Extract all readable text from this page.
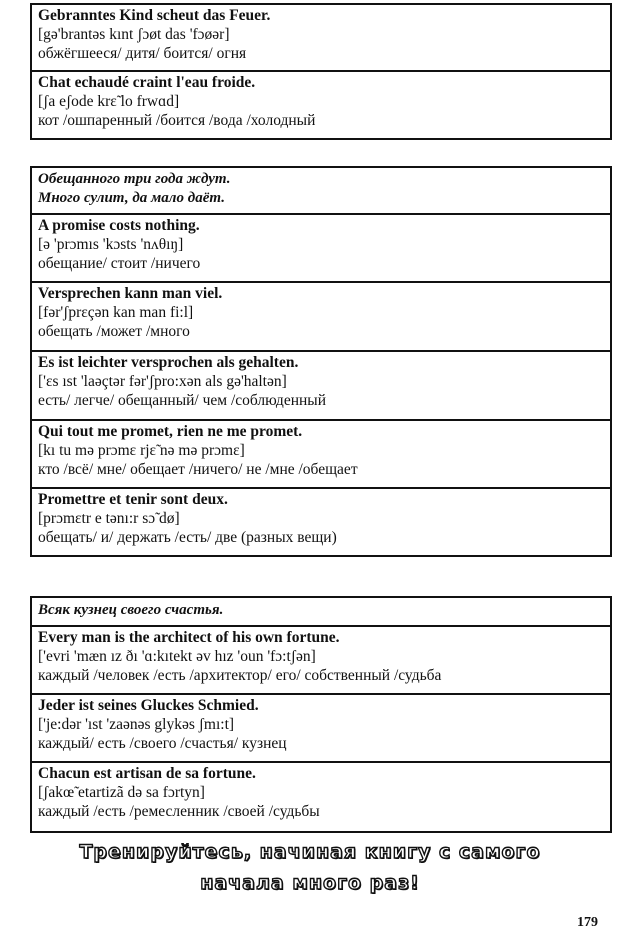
Gebranntes Kind scheut das Feuer.
[gə'brantəs kınt ʃɔøt das 'fɔøər]
обжёгшееся/ дитя/ боится/ огня
Chat echaudé craint l'eau froide.
[ʃa eʃode krɛ̃ lo frwɑd]
кот /ошпаренный /боится /вода /холодный
Обещанного три года ждут.
Много сулит, да мало даёт.
A promise costs nothing.
[ə 'prɔmıs 'kɔsts 'nʌθıŋ]
обещание/ стоит /ничего
Versprechen kann man viel.
[fər'ʃprɛçən kan man fi:l]
обещать /может /много
Es ist leichter versprochen als gehalten.
['ɛs ıst 'laəçtər fər'ʃpro:xən als gə'haltən]
есть/ легче/ обещанный/ чем /соблюденный
Qui tout me promet, rien ne me promet.
[kı tu mə prɔmɛ rjɛ̃ nə mə prɔmɛ]
кто /всё/ мне/ обещает /ничего/ не /мне /обещает
Promettre et tenir sont deux.
[prɔmɛtr e tənı:r sɔ̃ dø]
обещать/ и/ держать /есть/ две (разных вещи)
Всяк кузнец своего счастья.
Every man is the architect of his own fortune.
['evri 'mæn ız ðı 'ɑ:kıtekt əv hız 'oun 'fɔ:tʃən]
каждый /человек /есть /архитектор/ его/ собственный /судьба
Jeder ist seines Gluckes Schmied.
['je:dər 'ıst 'zaənəs glykəs ʃmı:t]
каждый/ есть /своего /счастья/ кузнец
Chacun est artisan de sa fortune.
[ʃakœ̃ etartizã də sa fɔrtyn]
каждый /есть /ремесленник /своей /судьбы
Тренируйтесь, начиная книгу с самого
начала много раз!
179
